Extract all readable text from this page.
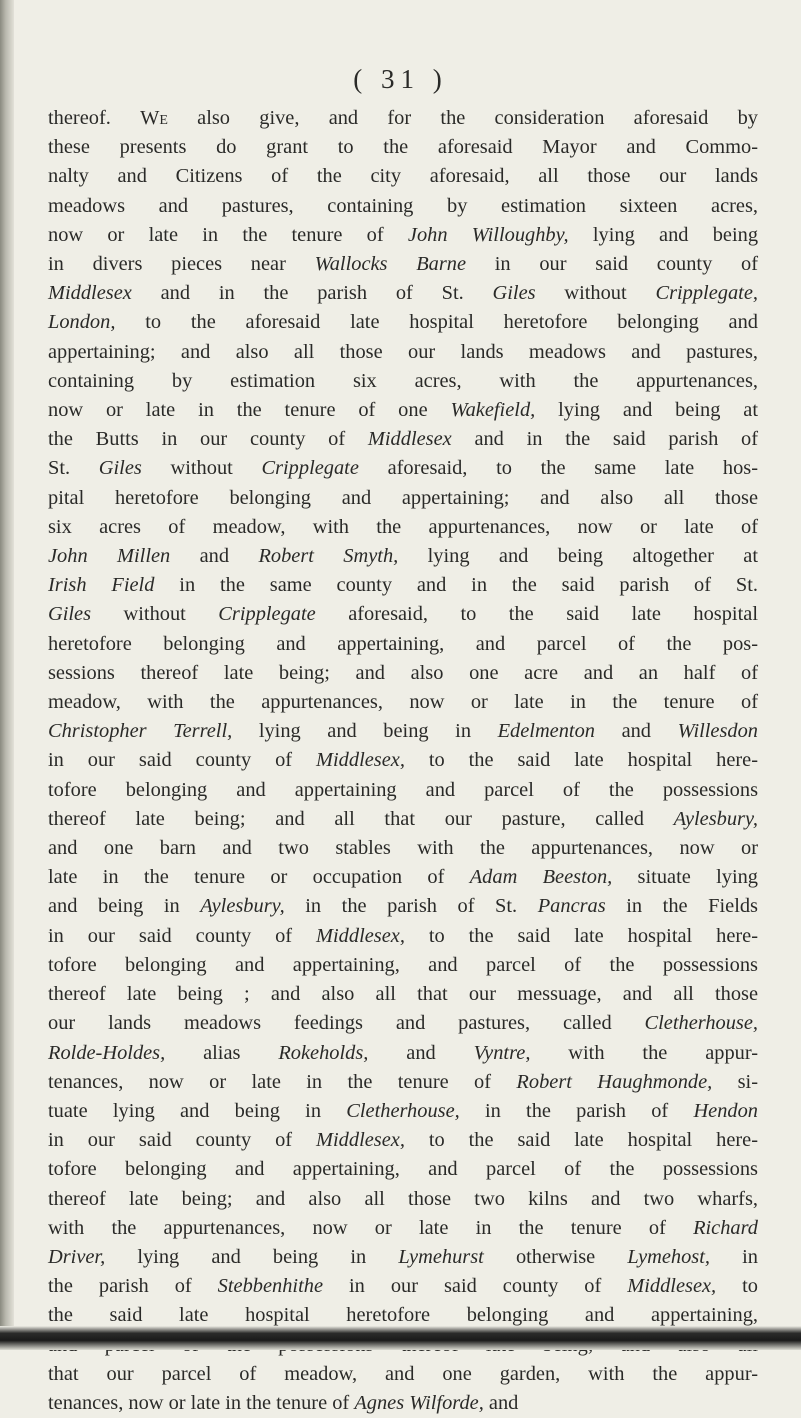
( 31 )
thereof. We also give, and for the consideration aforesaid by
these presents do grant to the aforesaid Mayor and Commo-
nalty and Citizens of the city aforesaid, all those our lands
meadows and pastures, containing by estimation sixteen acres,
now or late in the tenure of John Willoughby, lying and being
in divers pieces near Wallocks Barne in our said county of
Middlesex and in the parish of St. Giles without Cripplegate,
London, to the aforesaid late hospital heretofore belonging and
appertaining; and also all those our lands meadows and pastures,
containing by estimation six acres, with the appurtenances,
now or late in the tenure of one Wakefield, lying and being at
the Butts in our county of Middlesex and in the said parish of
St. Giles without Cripplegate aforesaid, to the same late hos-
pital heretofore belonging and appertaining; and also all those
six acres of meadow, with the appurtenances, now or late of
John Millen and Robert Smyth, lying and being altogether at
Irish Field in the same county and in the said parish of St.
Giles without Cripplegate aforesaid, to the said late hospital
heretofore belonging and appertaining, and parcel of the pos-
sessions thereof late being; and also one acre and an half of
meadow, with the appurtenances, now or late in the tenure of
Christopher Terrell, lying and being in Edelmenton and Willesdon
in our said county of Middlesex, to the said late hospital here-
tofore belonging and appertaining and parcel of the possessions
thereof late being; and all that our pasture, called Aylesbury,
and one barn and two stables with the appurtenances, now or
late in the tenure or occupation of Adam Beeston, situate lying
and being in Aylesbury, in the parish of St. Pancras in the Fields
in our said county of Middlesex, to the said late hospital here-
tofore belonging and appertaining, and parcel of the possessions
thereof late being ; and also all that our messuage, and all those
our lands meadows feedings and pastures, called Cletherhouse,
Rolde-Holdes, alias Rokeholds, and Vyntre, with the appur-
tenances, now or late in the tenure of Robert Haughmonde, si-
tuate lying and being in Cletherhouse, in the parish of Hendon
in our said county of Middlesex, to the said late hospital here-
tofore belonging and appertaining, and parcel of the possessions
thereof late being; and also all those two kilns and two wharfs,
with the appurtenances, now or late in the tenure of Richard
Driver, lying and being in Lymehurst otherwise Lymehost, in
the parish of Stebbenhithe in our said county of Middlesex, to
the said late hospital heretofore belonging and appertaining,
that our parcel of meadow, and one garden, with the appur-
tenances, now or late in the tenure of Agnes Wilforde, and
